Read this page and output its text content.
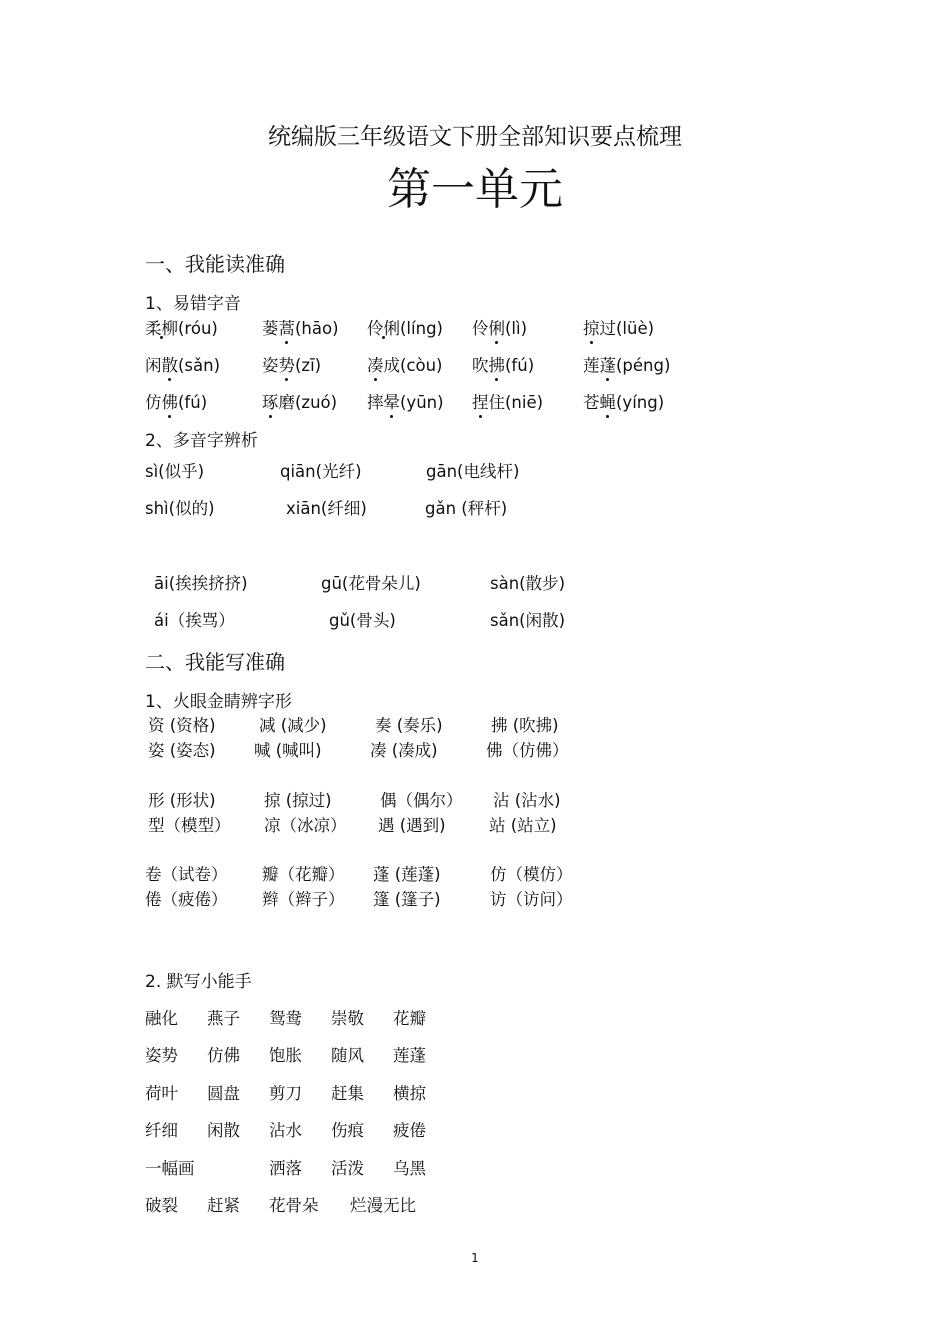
统编版三年级语文下册全部知识要点梳理
第一单元
一、我能读准确
1、易错字音
柔柳(róu)	蒌蒿(hāo) 伶俐(líng) 伶俐(lì)	掠过(lüè)
闲散(sǎn)	姿势(zī)	凑成(còu) 吹拂(fú)	莲蓬(péng)
仿佛(fú)	琢磨(zuó) 摔晕(yūn) 捏住(niē) 苍蝇(yíng)
2、多音字辨析
sì(似乎)	qiān(光纤)	gān(电线杆)
shì(似的)	xiān(纤细)	gǎn (秤杆)
āi(挨挨挤挤)	gū(花骨朵儿)	sàn(散步)
ái（挨骂）	gǔ(骨头)	sǎn(闲散)
二、我能写准确
1、火眼金睛辨字形
资 (资格)	减 (减少)	奏 (奏乐)	拂 (吹拂)
姿 (姿态) 喊 (喊叫)	凑 (凑成)	佛（仿佛）
形 (形状)	掠 (掠过)	偶（偶尔） 沾 (沾水)
型（模型） 凉（冰凉） 遇 (遇到)	站 (站立)
卷（试卷） 瓣（花瓣） 蓬 (莲蓬)	仿（模仿）
倦（疲倦） 辫（辫子） 篷 (篷子)	访（访问）
2. 默写小能手
融化 燕子 鸳鸯 崇敬 花瓣
姿势 仿佛 饱胀 随风 莲蓬
荷叶 圆盘 剪刀 赶集 横掠
纤细 闲散 沾水 伤痕 疲倦
一幅画	洒落 活泼 乌黑
破裂 赶紧 花骨朵 烂漫无比
1
